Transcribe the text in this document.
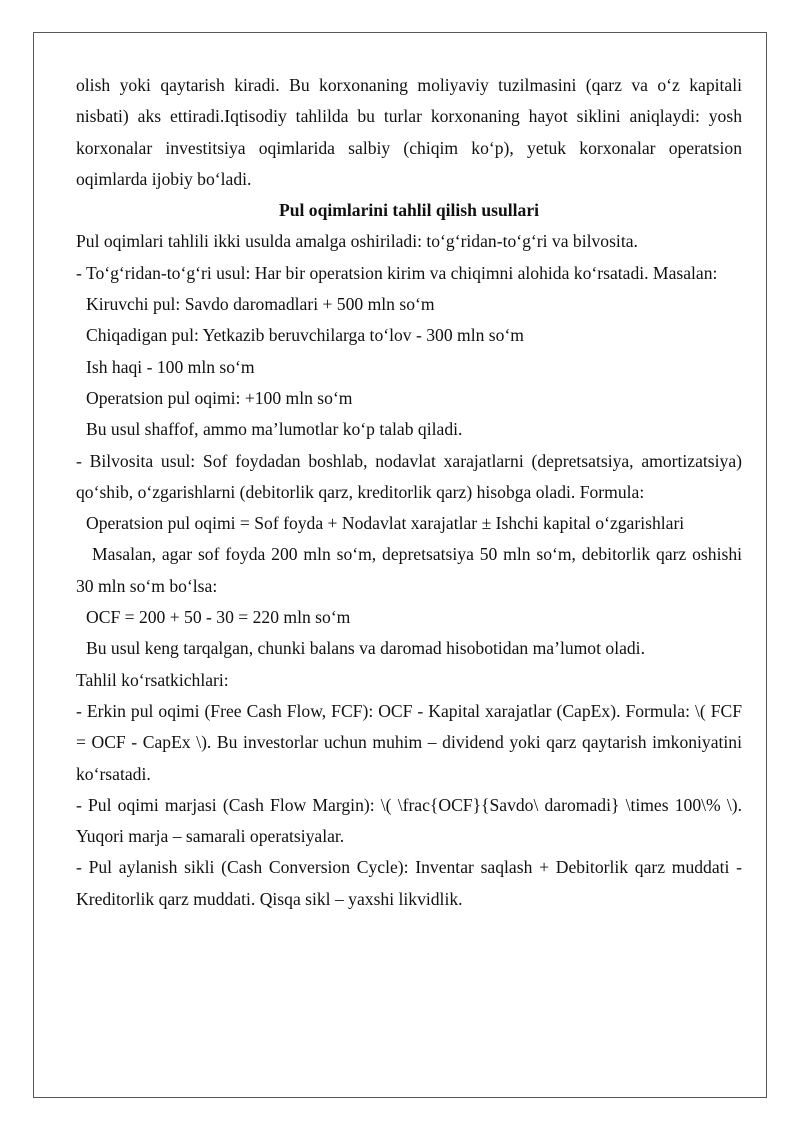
olish yoki qaytarish kiradi. Bu korxonaning moliyaviy tuzilmasini (qarz va o‘z kapitali nisbati) aks ettiradi.Iqtisodiy tahlilda bu turlar korxonaning hayot siklini aniqlaydi: yosh korxonalar investitsiya oqimlarida salbiy (chiqim ko‘p), yetuk korxonalar operatsion oqimlarda ijobiy bo‘ladi.

Pul oqimlarini tahlil qilish usullari

Pul oqimlari tahlili ikki usulda amalga oshiriladi: to‘g‘ridan-to‘g‘ri va bilvosita.

- To‘g‘ridan-to‘g‘ri usul: Har bir operatsion kirim va chiqimni alohida ko‘rsatadi. Masalan:

Kiruvchi pul: Savdo daromadlari + 500 mln so‘m

Chiqadigan pul: Yetkazib beruvchilarga to‘lov - 300 mln so‘m

Ish haqi - 100 mln so‘m

Operatsion pul oqimi: +100 mln so‘m

Bu usul shaffof, ammo ma’lumotlar ko‘p talab qiladi.

- Bilvosita usul: Sof foydadan boshlab, nodavlat xarajatlarni (depretsatsiya, amortizatsiya) qo‘shib, o‘zgarishlarni (debitorlik qarz, kreditorlik qarz) hisobga oladi. Formula:

Operatsion pul oqimi = Sof foyda + Nodavlat xarajatlar ± Ishchi kapital o‘zgarishlari

Masalan, agar sof foyda 200 mln so‘m, depretsatsiya 50 mln so‘m, debitorlik qarz oshishi 30 mln so‘m bo‘lsa:

OCF = 200 + 50 - 30 = 220 mln so‘m

Bu usul keng tarqalgan, chunki balans va daromad hisobotidan ma’lumot oladi.

Tahlil ko‘rsatkichlari:

- Erkin pul oqimi (Free Cash Flow, FCF): OCF - Kapital xarajatlar (CapEx). Formula: \( FCF = OCF - CapEx \). Bu investorlar uchun muhim – dividend yoki qarz qaytarish imkoniyatini ko‘rsatadi.

- Pul oqimi marjasi (Cash Flow Margin): \( \frac{OCF}{Savdo\ daromadi} \times 100\% \). Yuqori marja – samarali operatsiyalar.

- Pul aylanish sikli (Cash Conversion Cycle): Inventar saqlash + Debitorlik qarz muddati - Kreditorlik qarz muddati. Qisqa sikl – yaxshi likvidlik.
